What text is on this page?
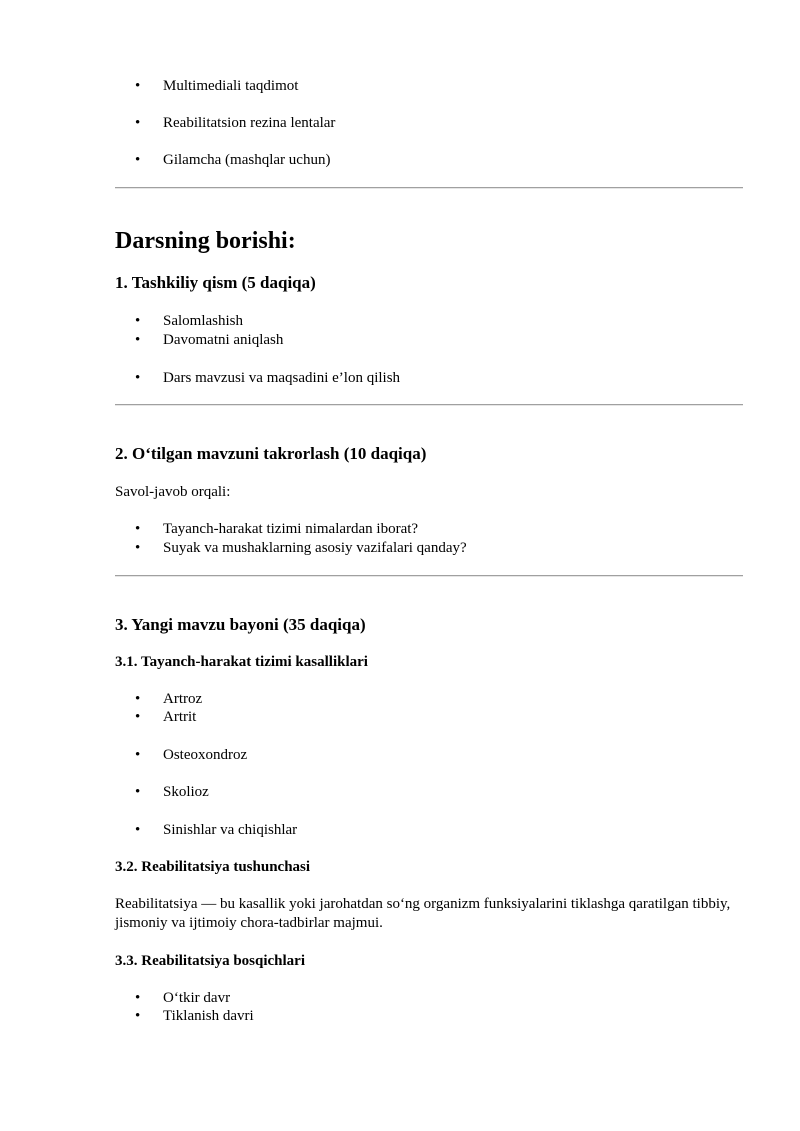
• Multimediali taqdimot
• Reabilitatsion rezina lentalar
• Gilamcha (mashqlar uchun)
Darsning borishi:
1. Tashkiliy qism (5 daqiqa)
• Salomlashish
• Davomatni aniqlash
• Dars mavzusi va maqsadini e’lon qilish
2. O‘tilgan mavzuni takrorlash (10 daqiqa)
Savol-javob orqali:
• Tayanch-harakat tizimi nimalardan iborat?
• Suyak va mushaklarning asosiy vazifalari qanday?
3. Yangi mavzu bayoni (35 daqiqa)
3.1. Tayanch-harakat tizimi kasalliklari
• Artroz
• Artrit
• Osteoxondroz
• Skolioz
• Sinishlar va chiqishlar
3.2. Reabilitatsiya tushunchasi
Reabilitatsiya — bu kasallik yoki jarohatdan so‘ng organizm funksiyalarini tiklashga qaratilgan tibbiy, jismoniy va ijtimoiy chora-tadbirlar majmui.
3.3. Reabilitatsiya bosqichlari
• O‘tkir davr
• Tiklanish davri
